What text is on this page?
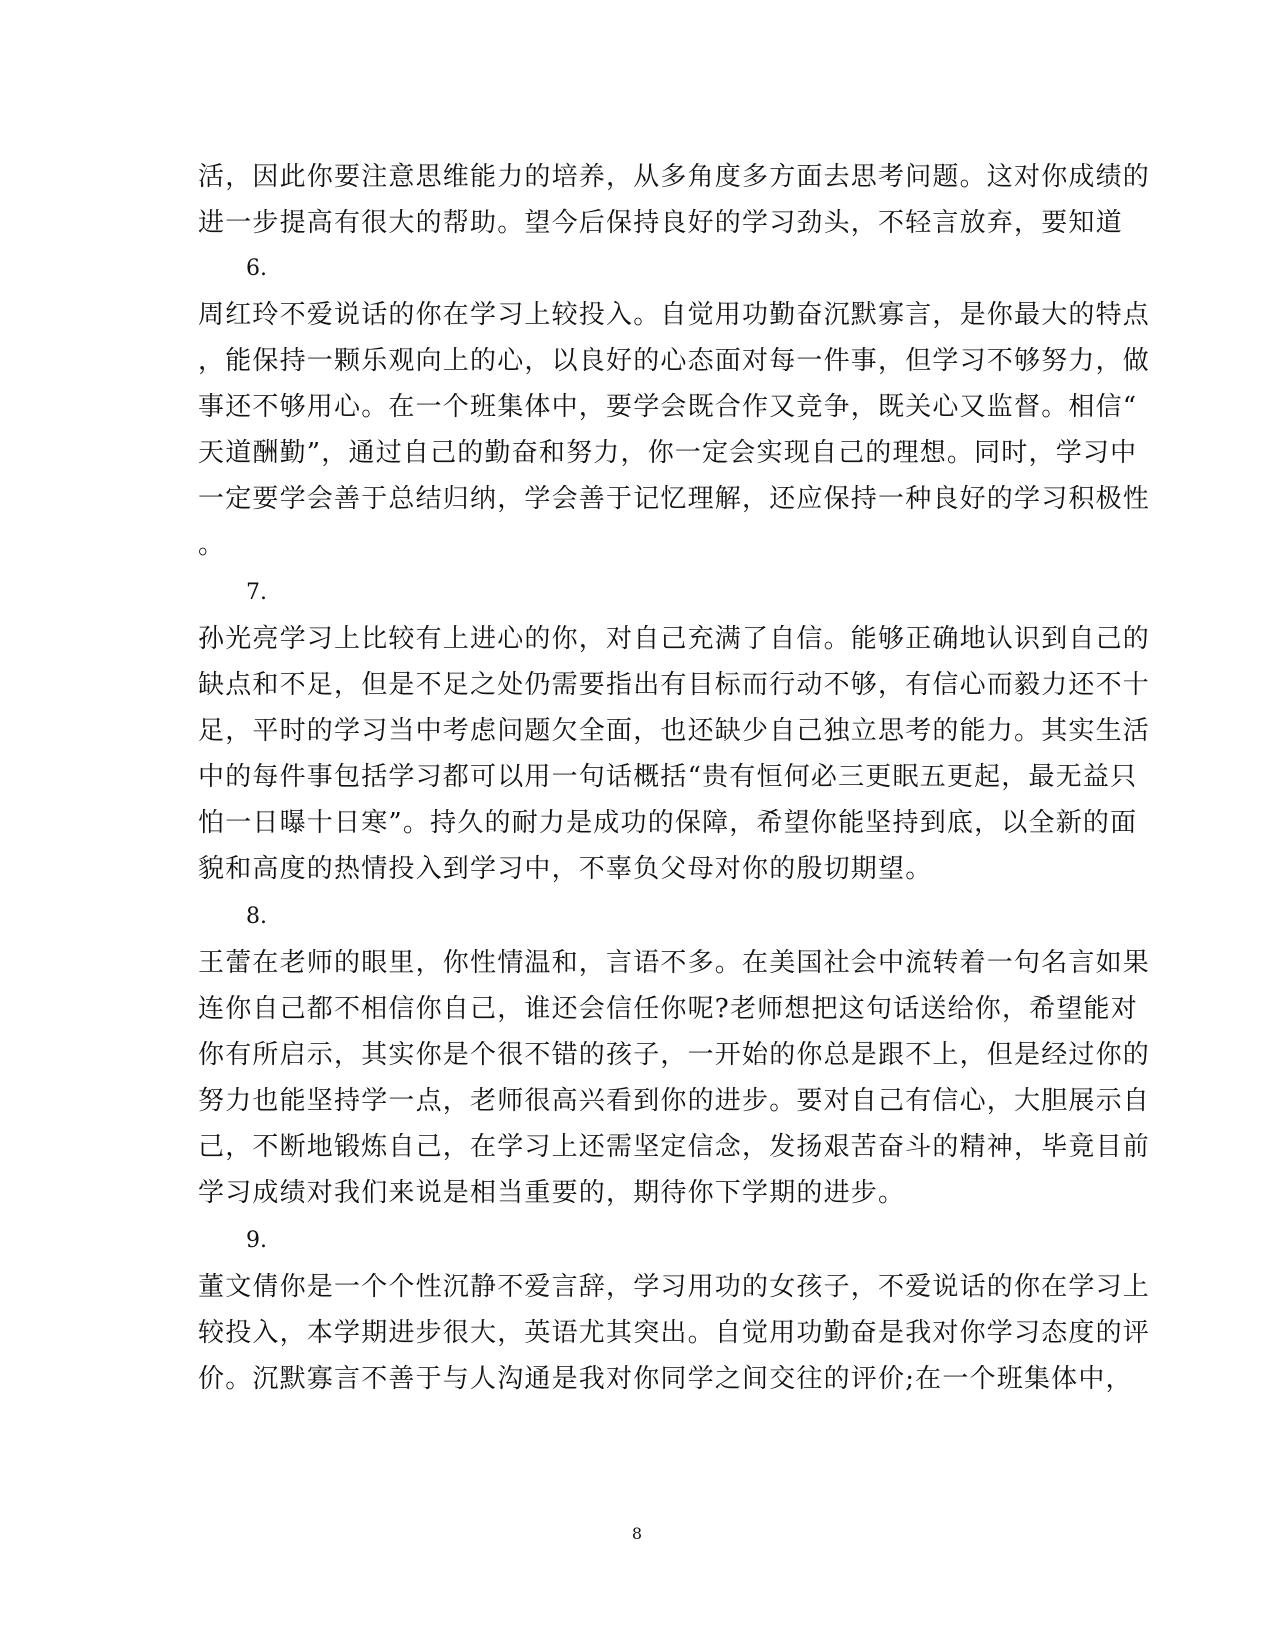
活，因此你要注意思维能力的培养，从多角度多方面去思考问题。这对你成绩的
进一步提高有很大的帮助。望今后保持良好的学习劲头，不轻言放弃，要知道
6.
周红玲不爱说话的你在学习上较投入。自觉用功勤奋沉默寡言，是你最大的特点
，能保持一颗乐观向上的心，以良好的心态面对每一件事，但学习不够努力，做
事还不够用心。在一个班集体中，要学会既合作又竞争，既关心又监督。相信“
天道酬勤”，通过自己的勤奋和努力，你一定会实现自己的理想。同时，学习中
一定要学会善于总结归纳，学会善于记忆理解，还应保持一种良好的学习积极性
。
7.
孙光亮学习上比较有上进心的你，对自己充满了自信。能够正确地认识到自己的
缺点和不足，但是不足之处仍需要指出有目标而行动不够，有信心而毅力还不十
足，平时的学习当中考虑问题欠全面，也还缺少自己独立思考的能力。其实生活
中的每件事包括学习都可以用一句话概括“贵有恒何必三更眠五更起，最无益只
怕一日曝十日寒”。持久的耐力是成功的保障，希望你能坚持到底，以全新的面
貌和高度的热情投入到学习中，不辜负父母对你的殷切期望。
8.
王蕾在老师的眼里，你性情温和，言语不多。在美国社会中流转着一句名言如果
连你自己都不相信你自己，谁还会信任你呢?老师想把这句话送给你，希望能对
你有所启示，其实你是个很不错的孩子，一开始的你总是跟不上，但是经过你的
努力也能坚持学一点，老师很高兴看到你的进步。要对自己有信心，大胆展示自
己，不断地锻炼自己，在学习上还需坚定信念，发扬艰苦奋斗的精神，毕竟目前
学习成绩对我们来说是相当重要的，期待你下学期的进步。
9.
董文倩你是一个个性沉静不爱言辞，学习用功的女孩子，不爱说话的你在学习上
较投入，本学期进步很大，英语尤其突出。自觉用功勤奋是我对你学习态度的评
价。沉默寡言不善于与人沟通是我对你同学之间交往的评价;在一个班集体中，
8
